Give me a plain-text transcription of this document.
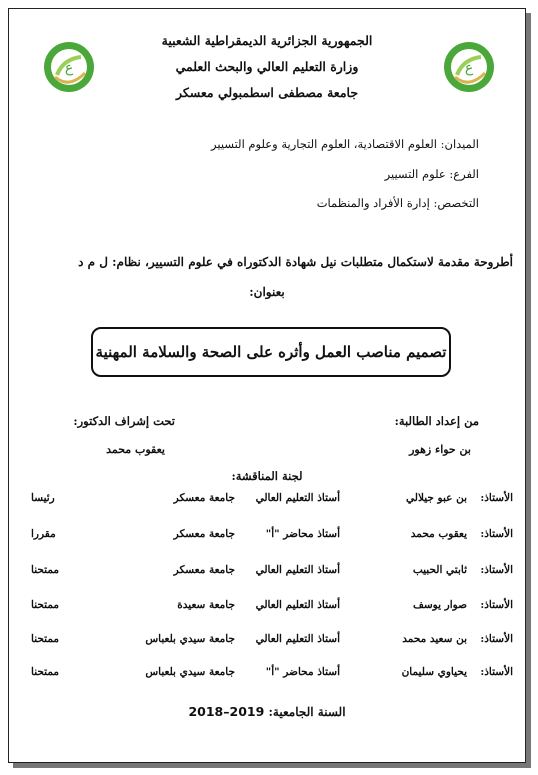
ع	ع
الجمهورية الجزائرية الديمقراطية الشعبية
وزارة التعليم العالي والبحث العلمي
جامعة مصطفى اسطمبولي معسكر
الميدان: العلوم الاقتصادية، العلوم التجارية وعلوم التسيير
الفرع: علوم التسيير
التخصص: إدارة الأفراد والمنظمات
أطروحة مقدمة لاستكمال متطلبات نيل شهادة الدكتوراه في علوم التسيير، نظام: ل م د
بعنوان:
تصميم مناصب العمل وأثره على الصحة والسلامة المهنية
من إعداد الطالبة:
بن حواء زهور
تحت إشراف الدكتور:
يعقوب محمد
لجنة المناقشة:
الأستاذ:
بن عبو جيلالي
أستاذ التعليم العالي
جامعة معسكر
رئيسا
الأستاذ:
يعقوب محمد
أستاذ محاضر "أ"
جامعة معسكر
مقررا
الأستاذ:
ثابتي الحبيب
أستاذ التعليم العالي
جامعة معسكر
ممتحنا
الأستاذ:
صوار يوسف
أستاذ التعليم العالي
جامعة سعيدة
ممتحنا
الأستاذ:
بن سعيد محمد
أستاذ التعليم العالي
جامعة سيدي بلعباس
ممتحنا
الأستاذ:
يحياوي سليمان
أستاذ محاضر "أ"
جامعة سيدي بلعباس
ممتحنا
السنة الجامعية: 2019–2018
